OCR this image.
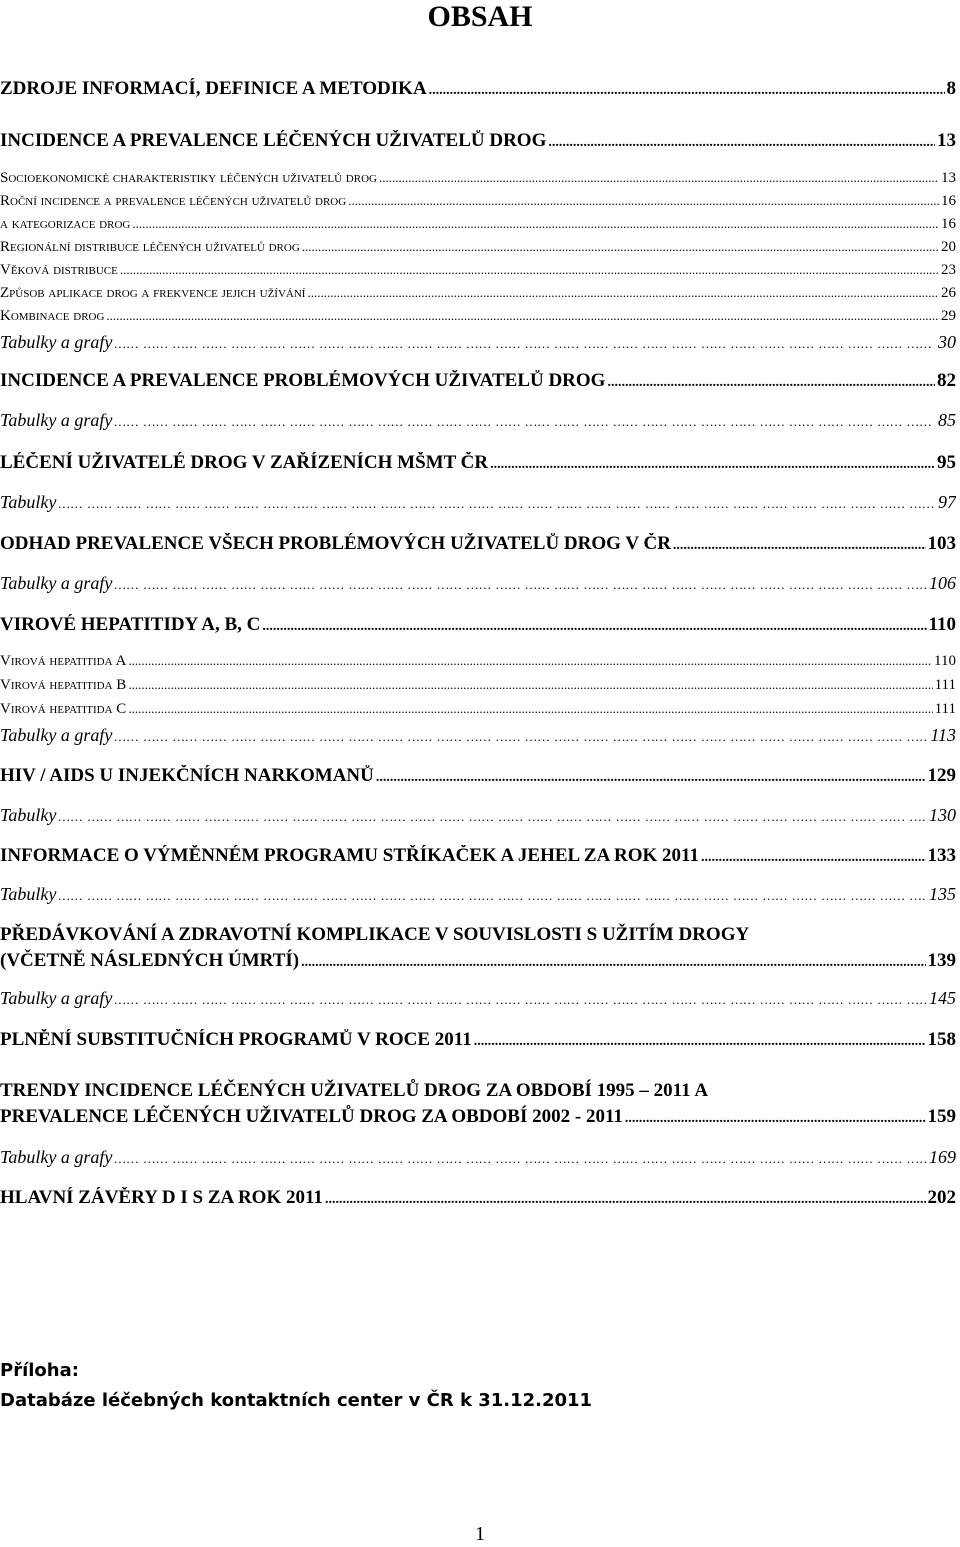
OBSAH
ZDROJE INFORMACÍ, DEFINICE A METODIKA .....	8
INCIDENCE A PREVALENCE LÉČENÝCH UŽIVATELŮ DROG .....	13
Socioekonomické charakteristiky léčených uživatelů drog .....	13
Roční incidence a prevalence léčených uživatelů drog .....	16
a kategorizace drog .....	16
Regionální distribuce léčených uživatelů drog .....	20
Věková distribuce .....	23
Způsob aplikace drog a frekvence jejich užívání .....	26
Kombinace drog .....	29
Tabulky a grafy …… …… …… …… …… …… …… …… …… …… …… …… …… …… …… …… …… …… …… …… …… …… …… …… …… …… …… …… …… …… …… …… …… …… …… …… …… …… …… …… …… …… …… …… …… …… …… …… …… …… …… …… …… …… …… …… ……	30
INCIDENCE A PREVALENCE PROBLÉMOVÝCH UŽIVATELŮ DROG .....	82
Tabulky a grafy …… …… …… …… …… …… …… …… …… …… …… …… …… …… …… …… …… …… …… …… …… …… …… …… …… …… …… …… …… …… …… …… …… …… …… …… …… …… …… …… …… …… …… …… …… …… …… …… …… …… …… …… …… …… …… …… ……	85
LÉČENÍ UŽIVATELÉ DROG V ZAŘÍZENÍCH MŠMT ČR .....	95
Tabulky …… …… …… …… …… …… …… …… …… …… …… …… …… …… …… …… …… …… …… …… …… …… …… …… …… …… …… …… …… …… …… …… …… …… …… …… …… …… …… …… …… …… …… …… …… …… …… …… …… …… …… …… …… …… …… …… ……	97
ODHAD PREVALENCE VŠECH PROBLÉMOVÝCH UŽIVATELŮ DROG V ČR .....	103
Tabulky a grafy …… …… …… …… …… …… …… …… …… …… …… …… …… …… …… …… …… …… …… …… …… …… …… …… …… …… …… …… …… …… …… …… …… …… …… …… …… …… …… …… …… …… …… …… …… …… …… …… …… …… …… …… …… …… …… …… ……	106
VIROVÉ HEPATITIDY A, B, C .....	110
Virová hepatitida A .....	110
Virová hepatitida B .....	111
Virová hepatitida C .....	111
Tabulky a grafy …… …… …… …… …… …… …… …… …… …… …… …… …… …… …… …… …… …… …… …… …… …… …… …… …… …… …… …… …… …… …… …… …… …… …… …… …… …… …… …… …… …… …… …… …… …… …… …… …… …… …… …… …… …… …… …… ……	113
HIV / AIDS U INJEKČNÍCH NARKOMANŮ .....	129
Tabulky …… …… …… …… …… …… …… …… …… …… …… …… …… …… …… …… …… …… …… …… …… …… …… …… …… …… …… …… …… …… …… …… …… …… …… …… …… …… …… …… …… …… …… …… …… …… …… …… …… …… …… …… …… …… …… …… ……	130
INFORMACE O VÝMĚNNÉM PROGRAMU STŘÍKAČEK A JEHEL ZA ROK 2011 .....	133
Tabulky …… …… …… …… …… …… …… …… …… …… …… …… …… …… …… …… …… …… …… …… …… …… …… …… …… …… …… …… …… …… …… …… …… …… …… …… …… …… …… …… …… …… …… …… …… …… …… …… …… …… …… …… …… …… …… …… ……	135
PŘEDÁVKOVÁNÍ A ZDRAVOTNÍ KOMPLIKACE V SOUVISLOSTI S UŽITÍM DROGY
(VČETNĚ NÁSLEDNÝCH ÚMRTÍ) .....	139
Tabulky a grafy …… …… …… …… …… …… …… …… …… …… …… …… …… …… …… …… …… …… …… …… …… …… …… …… …… …… …… …… …… …… …… …… …… …… …… …… …… …… …… …… …… …… …… …… …… …… …… …… …… …… …… …… …… …… …… …… ……	145
PLNĚNÍ SUBSTITUČNÍCH PROGRAMŮ V ROCE 2011 .....	158
TRENDY INCIDENCE LÉČENÝCH UŽIVATELŮ DROG ZA OBDOBÍ 1995 – 2011 A
PREVALENCE LÉČENÝCH UŽIVATELŮ DROG ZA OBDOBÍ 2002 - 2011 .....	159
Tabulky a grafy …… …… …… …… …… …… …… …… …… …… …… …… …… …… …… …… …… …… …… …… …… …… …… …… …… …… …… …… …… …… …… …… …… …… …… …… …… …… …… …… …… …… …… …… …… …… …… …… …… …… …… …… …… …… …… …… ……	169
HLAVNÍ ZÁVĚRY D I S ZA ROK 2011 .....	202
Příloha:
Databáze léčebných kontaktních center v ČR k 31.12.2011
1
